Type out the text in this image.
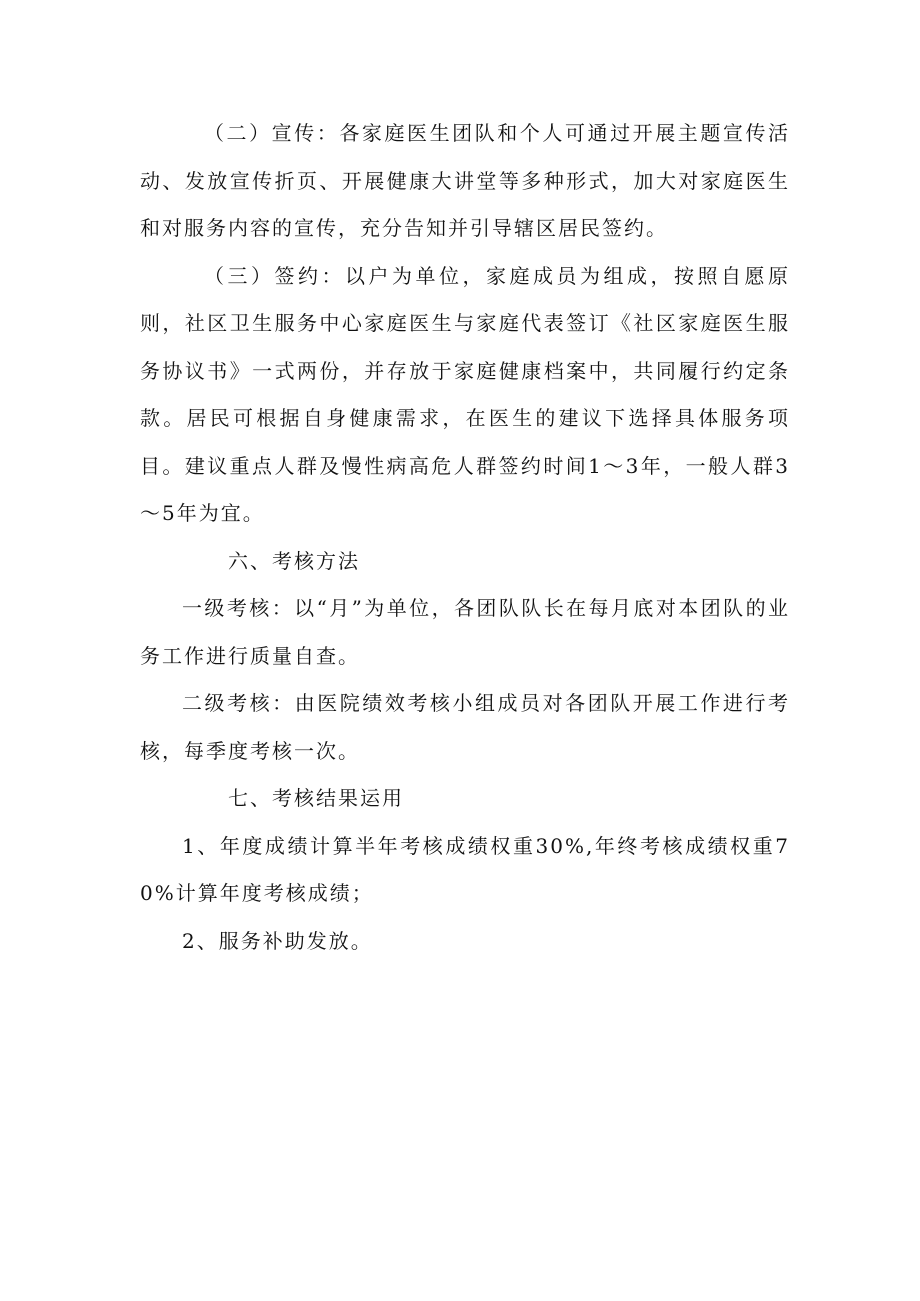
（二）宣传：各家庭医生团队和个人可通过开展主题宣传活动、发放宣传折页、开展健康大讲堂等多种形式，加大对家庭医生和对服务内容的宣传，充分告知并引导辖区居民签约。

（三）签约：以户为单位，家庭成员为组成，按照自愿原则，社区卫生服务中心家庭医生与家庭代表签订《社区家庭医生服务协议书》一式两份，并存放于家庭健康档案中，共同履行约定条款。居民可根据自身健康需求，在医生的建议下选择具体服务项目。建议重点人群及慢性病高危人群签约时间1～3年，一般人群3～5年为宜。

六、考核方法

一级考核：以“月”为单位，各团队队长在每月底对本团队的业务工作进行质量自查。

二级考核：由医院绩效考核小组成员对各团队开展工作进行考核，每季度考核一次。

七、考核结果运用

1、年度成绩计算半年考核成绩权重30%,年终考核成绩权重70%计算年度考核成绩；

2、服务补助发放。
